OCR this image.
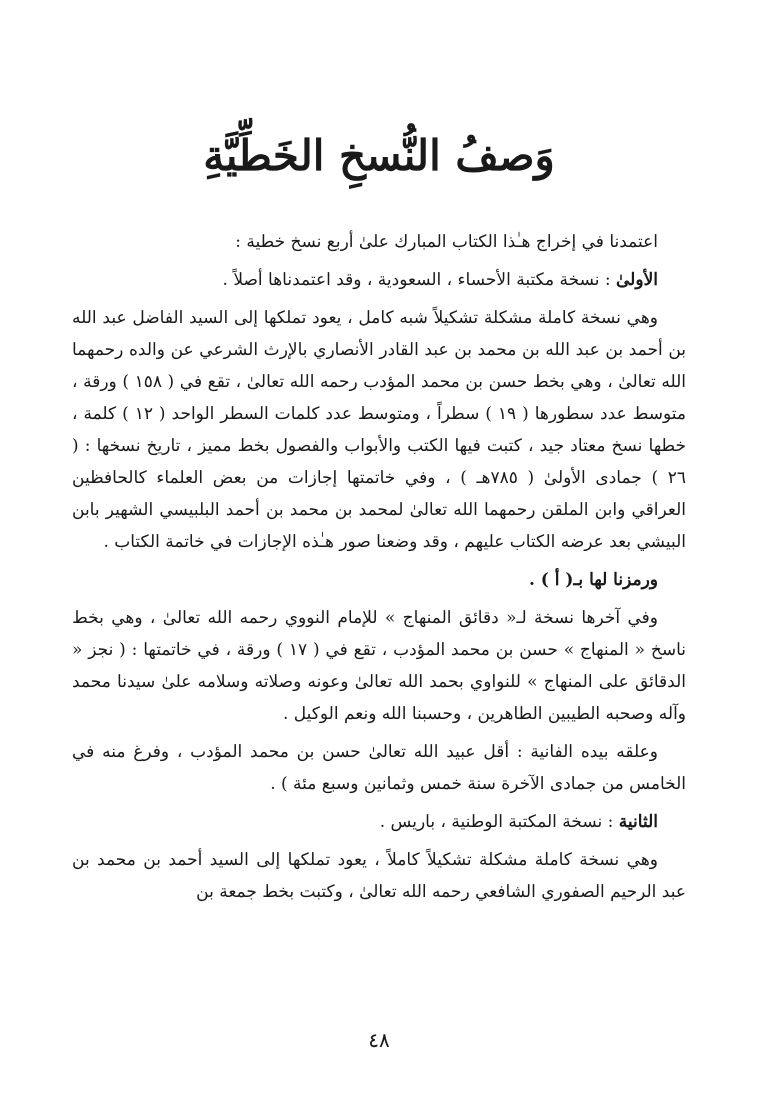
وَصفُ النُّسخِ الخَطِّيَّةِ

اعتمدنا في إخراج هـٰذا الكتاب المبارك علىٰ أربع نسخ خطية :

الأولىٰ : نسخة مكتبة الأحساء ، السعودية ، وقد اعتمدناها أصلاً .

وهي نسخة كاملة مشكلة تشكيلاً شبه كامل ، يعود تملكها إلى السيد الفاضل عبد الله بن أحمد بن عبد الله بن محمد بن عبد القادر الأنصاري بالإرث الشرعي عن والده رحمهما الله تعالىٰ ، وهي بخط حسن بن محمد المؤدب رحمه الله تعالىٰ ، تقع في ( ١٥٨ ) ورقة ، متوسط عدد سطورها ( ١٩ ) سطراً ، ومتوسط عدد كلمات السطر الواحد ( ١٢ ) كلمة ، خطها نسخ معتاد جيد ، كتبت فيها الكتب والأبواب والفصول بخط مميز ، تاريخ نسخها : ( ٢٦ ) جمادى الأولىٰ ( ٧٨٥هـ ) ، وفي خاتمتها إجازات من بعض العلماء كالحافظين العراقي وابن الملقن رحمهما الله تعالىٰ لمحمد بن محمد بن أحمد البلبيسي الشهير بابن البيشي بعد عرضه الكتاب عليهم ، وقد وضعنا صور هـٰذه الإجازات في خاتمة الكتاب .

ورمزنا لها بـ( أ ) .

وفي آخرها نسخة لـ« دقائق المنهاج » للإمام النووي رحمه الله تعالىٰ ، وهي بخط ناسخ « المنهاج » حسن بن محمد المؤدب ، تقع في ( ١٧ ) ورقة ، في خاتمتها : ( نجز « الدقائق على المنهاج » للنواوي بحمد الله تعالىٰ وعونه وصلاته وسلامه علىٰ سيدنا محمد وآله وصحبه الطيبين الطاهرين ، وحسبنا الله ونعم الوكيل .

وعلقه بيده الفانية : أقل عبيد الله تعالىٰ حسن بن محمد المؤدب ، وفرغ منه في الخامس من جمادى الآخرة سنة خمس وثمانين وسبع مئة ) .

الثانية : نسخة المكتبة الوطنية ، باريس .

وهي نسخة كاملة مشكلة تشكيلاً كاملاً ، يعود تملكها إلى السيد أحمد بن محمد بن عبد الرحيم الصفوري الشافعي رحمه الله تعالىٰ ، وكتبت بخط جمعة بن

٤٨
